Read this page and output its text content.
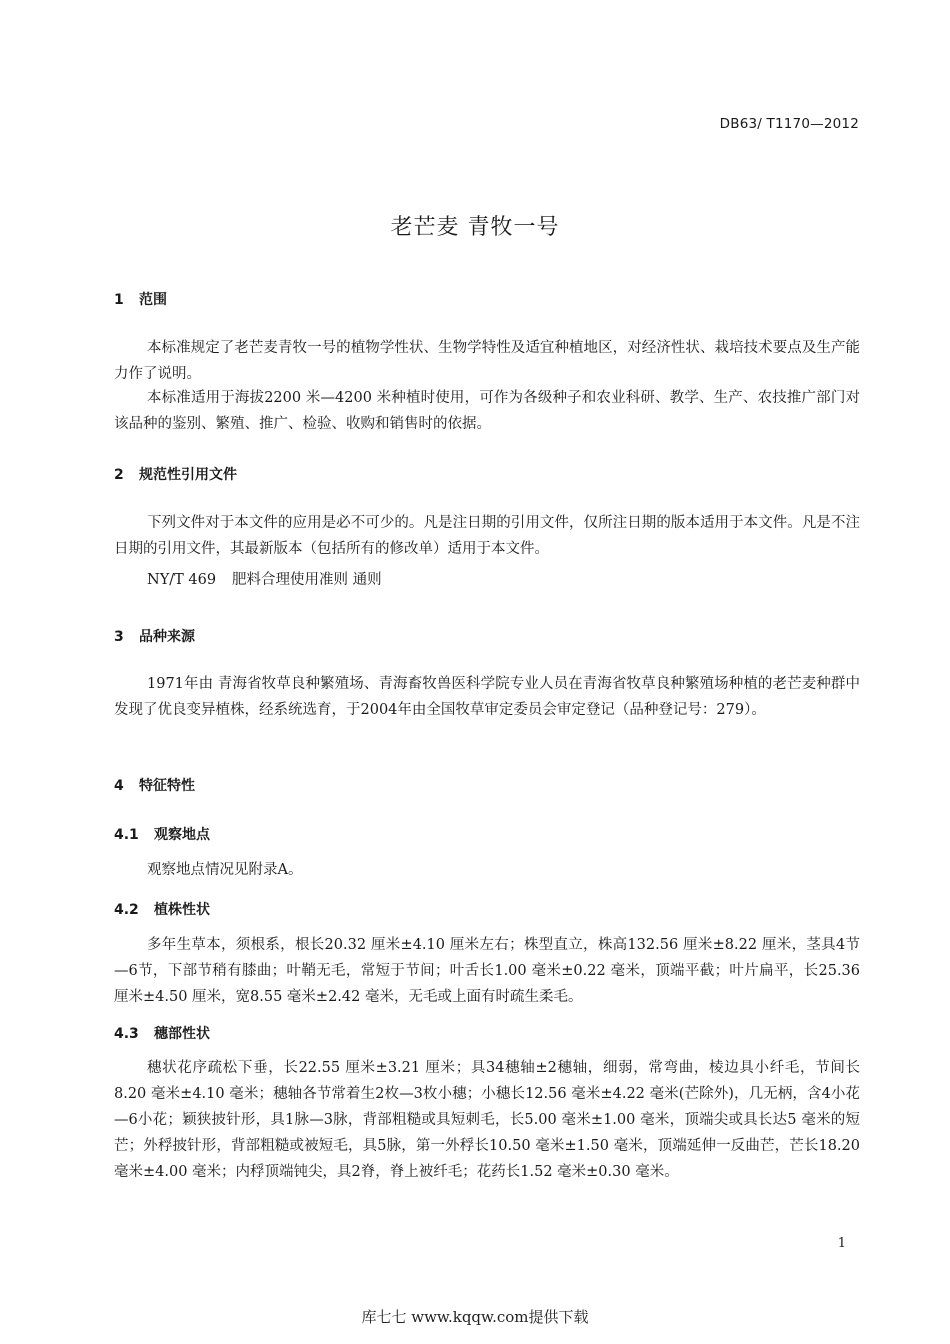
DB63/ T1170—2012
老芒麦 青牧一号
1 范围

本标准规定了老芒麦青牧一号的植物学性状、生物学特性及适宜种植地区，对经济性状、栽培技术要点及生产能力作了说明。

本标准适用于海拔2200 米—4200 米种植时使用，可作为各级种子和农业科研、教学、生产、农技推广部门对该品种的鉴别、繁殖、推广、检验、收购和销售时的依据。

2 规范性引用文件

下列文件对于本文件的应用是必不可少的。凡是注日期的引用文件，仅所注日期的版本适用于本文件。凡是不注日期的引用文件，其最新版本（包括所有的修改单）适用于本文件。

NY/T 469 肥料合理使用准则 通则
3 品种来源

1971年由 青海省牧草良种繁殖场、青海畜牧兽医科学院专业人员在青海省牧草良种繁殖场种植的老芒麦种群中发现了优良变异植株，经系统选育，于2004年由全国牧草审定委员会审定登记（品种登记号：279）。

4 特征特性
4.1 观察地点

观察地点情况见附录A。

4.2 植株性状

多年生草本，须根系，根长20.32 厘米±4.10 厘米左右；株型直立，株高132.56 厘米±8.22 厘米，茎具4节—6节，下部节稍有膝曲；叶鞘无毛，常短于节间；叶舌长1.00 毫米±0.22 毫米，顶端平截；叶片扁平，长25.36 厘米±4.50 厘米，宽8.55 毫米±2.42 毫米，无毛或上面有时疏生柔毛。

4.3 穗部性状

穗状花序疏松下垂，长22.55 厘米±3.21 厘米；具34穗轴±2穗轴，细弱，常弯曲，棱边具小纤毛，节间长8.20 毫米±4.10 毫米；穗轴各节常着生2枚—3枚小穗；小穗长12.56 毫米±4.22 毫米(芒除外)，几无柄，含4小花—6小花；颖狭披针形，具1脉—3脉，背部粗糙或具短刺毛，长5.00 毫米±1.00 毫米，顶端尖或具长达5 毫米的短芒；外稃披针形，背部粗糙或被短毛，具5脉，第一外稃长10.50 毫米±1.50 毫米，顶端延伸一反曲芒，芒长18.20 毫米±4.00 毫米；内稃顶端钝尖，具2脊，脊上被纤毛；花药长1.52 毫米±0.30 毫米。

1
库七七 www.kqqw.com提供下载
